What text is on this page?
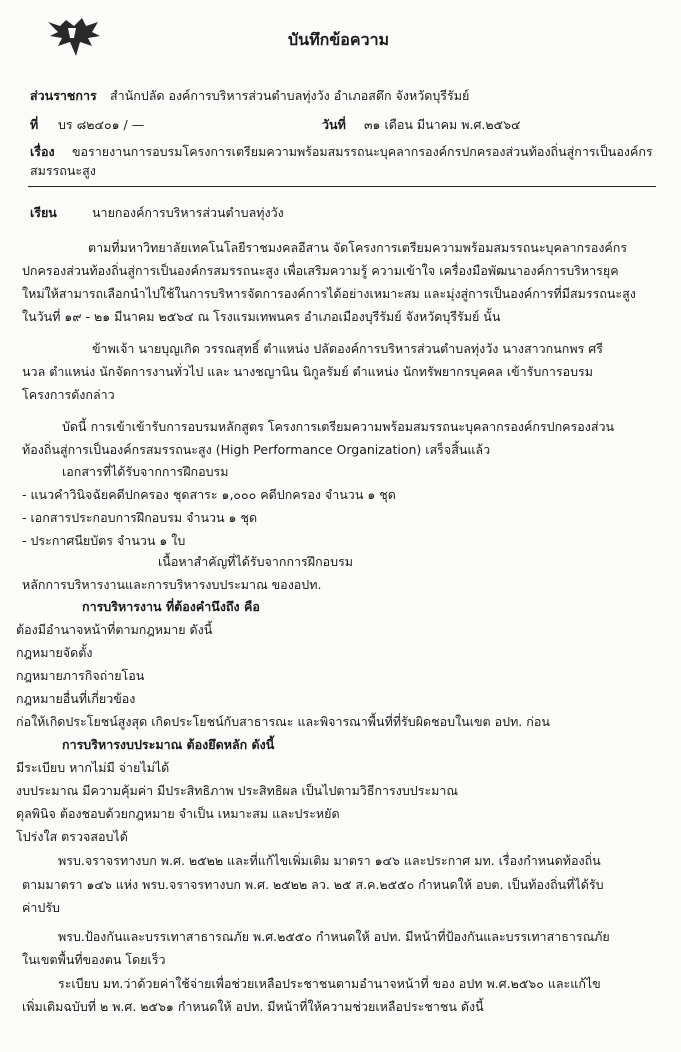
บันทึกข้อความ
ส่วนราชการ สำนักปลัด องค์การบริหารส่วนตำบลทุ่งวัง อำเภอสตึก จังหวัดบุรีรัมย์
ที่ บร ๘๒๔๐๑ / —	วันที่ ๓๑ เดือน มีนาคม พ.ศ.๒๕๖๔
เรื่อง ขอรายงานการอบรมโครงการเตรียมความพร้อมสมรรถนะบุคลากรองค์กรปกครองส่วนท้องถิ่นสู่การเป็นองค์กร
สมรรถนะสูง
เรียน	นายกองค์การบริหารส่วนตำบลทุ่งวัง
ตามที่มหาวิทยาลัยเทคโนโลยีราชมงคลอีสาน จัดโครงการเตรียมความพร้อมสมรรถนะบุคลากรองค์กร
ปกครองส่วนท้องถิ่นสู่การเป็นองค์กรสมรรถนะสูง เพื่อเสริมความรู้ ความเข้าใจ เครื่องมือพัฒนาองค์การบริหารยุค
ใหม่ให้สามารถเลือกนำไปใช้ในการบริหารจัดการองค์การได้อย่างเหมาะสม และมุ่งสู่การเป็นองค์การที่มีสมรรถนะสูง
ในวันที่ ๑๙ - ๒๑ มีนาคม ๒๕๖๔ ณ โรงแรมเทพนคร อำเภอเมืองบุรีรัมย์ จังหวัดบุรีรัมย์ นั้น
ข้าพเจ้า นายบุญเกิด วรรณสุทธิ์ ตำแหน่ง ปลัดองค์การบริหารส่วนตำบลทุ่งวัง นางสาวกนกพร ศรี
นวล ตำแหน่ง นักจัดการงานทั่วไป และ นางชญานิน นิกูลรัมย์ ตำแหน่ง นักทรัพยากรบุคคล เข้ารับการอบรม
โครงการดังกล่าว
บัดนี้ การเข้าเข้ารับการอบรมหลักสูตร โครงการเตรียมความพร้อมสมรรถนะบุคลากรองค์กรปกครองส่วน
ท้องถิ่นสู่การเป็นองค์กรสมรรถนะสูง (High Performance Organization) เสร็จสิ้นแล้ว
เอกสารที่ได้รับจากการฝึกอบรม
- แนวคำวินิจฉัยคดีปกครอง ชุดสาระ ๑,๐๐๐ คดีปกครอง จำนวน ๑ ชุด
- เอกสารประกอบการฝึกอบรม จำนวน ๑ ชุด
- ประกาศนียบัตร จำนวน ๑ ใบ
เนื้อหาสำคัญที่ได้รับจากการฝึกอบรม
หลักการบริหารงานและการบริหารงบประมาณ ของอปท.
การบริหารงาน ที่ต้องคำนึงถึง คือ
ต้องมีอำนาจหน้าที่ตามกฎหมาย ดังนี้
กฎหมายจัดตั้ง
กฎหมายภารกิจถ่ายโอน
กฎหมายอื่นที่เกี่ยวข้อง
ก่อให้เกิดประโยชน์สูงสุด เกิดประโยชน์กับสาธารณะ และพิจารณาพื้นที่ที่รับผิดชอบในเขต อปท. ก่อน
การบริหารงบประมาณ ต้องยึดหลัก ดังนี้
มีระเบียบ หากไม่มี จ่ายไม่ได้
งบประมาณ มีความคุ้มค่า มีประสิทธิภาพ ประสิทธิผล เป็นไปตามวิธีการงบประมาณ
ดุลพินิจ ต้องชอบด้วยกฎหมาย จำเป็น เหมาะสม และประหยัด
โปร่งใส ตรวจสอบได้
พรบ.จราจรทางบก พ.ศ. ๒๕๒๒ และที่แก้ไขเพิ่มเติม มาตรา ๑๔๖ และประกาศ มท. เรื่องกำหนดท้องถิ่น
ตามมาตรา ๑๔๖ แห่ง พรบ.จราจรทางบก พ.ศ. ๒๕๒๒ ลว. ๒๕ ส.ค.๒๕๕๐ กำหนดให้ อบต. เป็นท้องถิ่นที่ได้รับ
ค่าปรับ
พรบ.ป้องกันและบรรเทาสาธารณภัย พ.ศ.๒๕๕๐ กำหนดให้ อปท. มีหน้าที่ป้องกันและบรรเทาสาธารณภัย
ในเขตพื้นที่ของตน โดยเร็ว
ระเบียบ มท.ว่าด้วยค่าใช้จ่ายเพื่อช่วยเหลือประชาชนตามอำนาจหน้าที่ ของ อปท พ.ศ.๒๕๖๐ และแก้ไข
เพิ่มเติมฉบับที่ ๒ พ.ศ. ๒๕๖๑ กำหนดให้ อปท. มีหน้าที่ให้ความช่วยเหลือประชาชน ดังนี้
